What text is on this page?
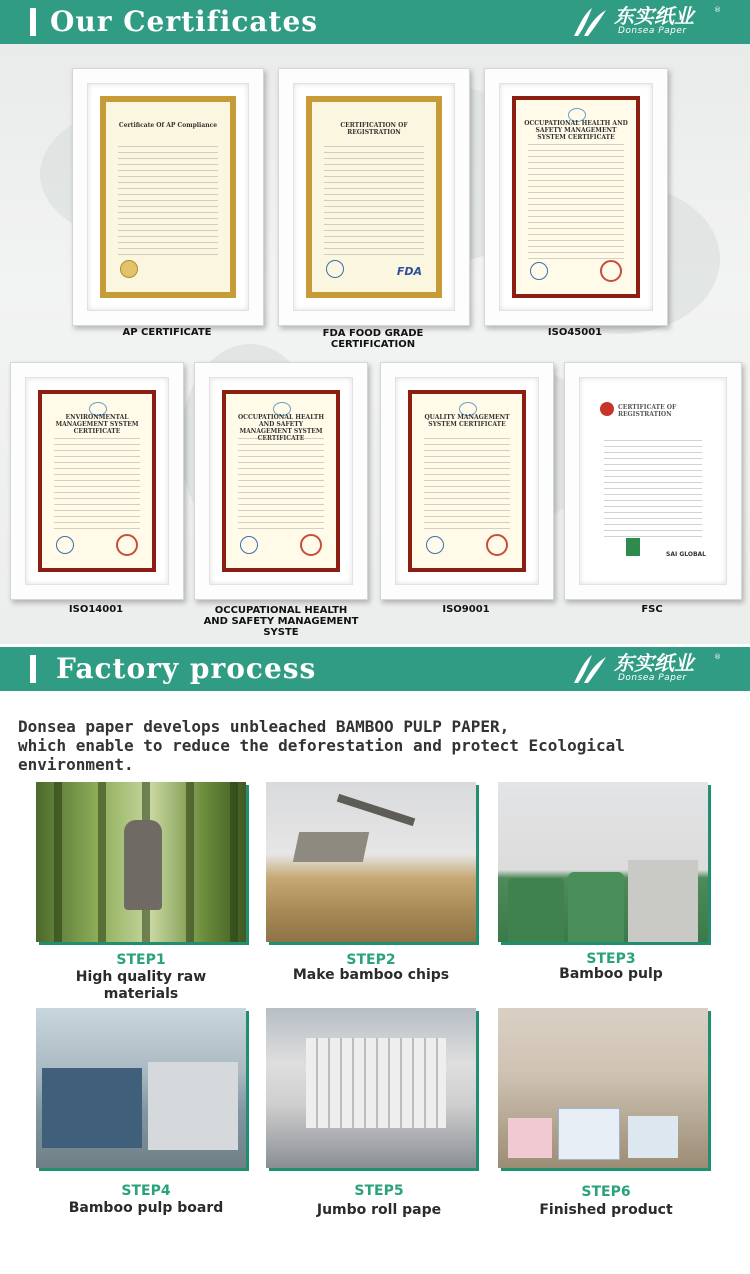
Our Certificates	东实纸业
Donsea Paper
®
Certificate Of AP Compliance
AP CERTIFICATE
CERTIFICATION OF REGISTRATION
FDA
FDA FOOD GRADE
CERTIFICATION
OCCUPATIONAL HEALTH AND SAFETY MANAGEMENT SYSTEM CERTIFICATE
ISO45001
ENVIRONMENTAL MANAGEMENT SYSTEM CERTIFICATE
ISO14001
OCCUPATIONAL HEALTH AND SAFETY MANAGEMENT SYSTEM CERTIFICATE
OCCUPATIONAL HEALTH
AND SAFETY MANAGEMENT SYSTE
QUALITY MANAGEMENT SYSTEM CERTIFICATE
ISO9001
CERTIFICATE OF REGISTRATION
SAI GLOBAL
FSC
Factory process	东实纸业
Donsea Paper
®
Donsea paper develops unbleached BAMBOO PULP PAPER,
which enable to reduce the deforestation and protect Ecological environment.
STEP1
High quality raw
materials
STEP2
Make bamboo chips
STEP3
Bamboo pulp
STEP4
Bamboo pulp board
STEP5
Jumbo roll pape
STEP6
Finished product
